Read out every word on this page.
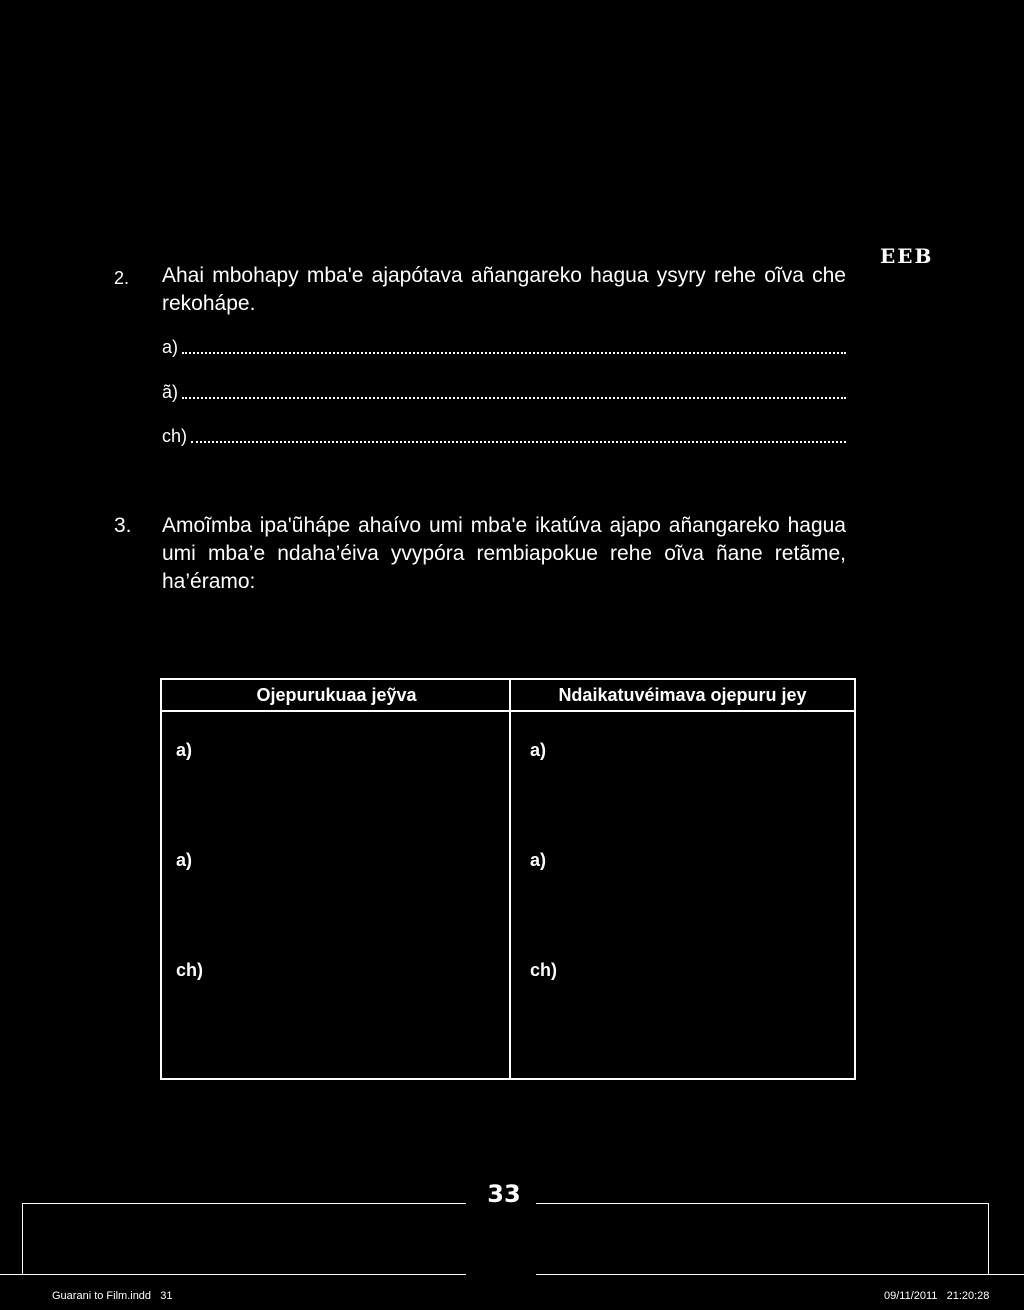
EEB
2. Ahai mbohapy mba'e ajapótava añangareko hagua ysyry rehe oĩva che rekohápe.
a)
ã)
ch)
3. Amoĩmba ipa'ũhápe ahaívo umi mba'e ikatúva ajapo añangareko hagua umi mba’e ndaha’éiva yvypóra rembiapokue rehe oĩva ñane retãme, ha’éramo:
Ojepurukuaa jeỹva	Ndaikatuvéimava ojepuru jey
a)
a)
ch)
a)
a)
ch)
33
Guarani to Film.indd   31	09/11/2011   21:20:28
